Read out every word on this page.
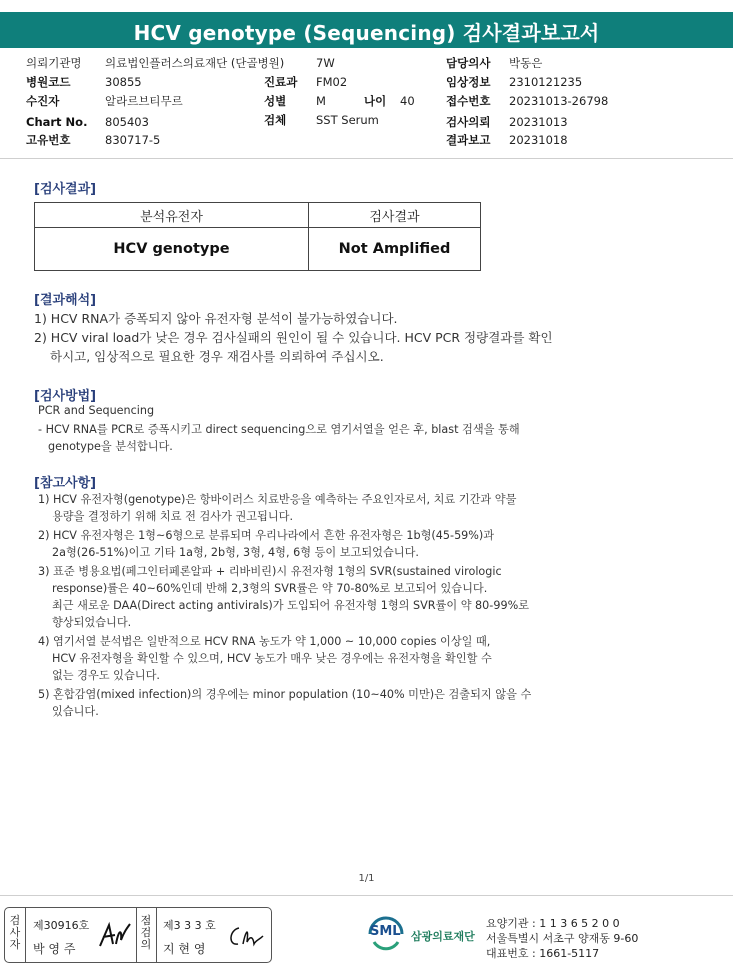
HCV genotype (Sequencing) 검사결과보고서
의뢰기관명 의료법인플러스의료재단 (단골병원)	7W	담당의사 박동은
병원코드	30855	진료과 FM02	임상정보 2310121235
수진자	알라르브티무르	성별	M	나이 40	접수번호 20231013-26798
Chart No. 805403	검체	SST Serum	검사의뢰 20231013
고유번호	830717-5	결과보고 20231018
[검사결과]
분석유전자	검사결과
HCV genotype	Not Amplified
[결과해석]
1) HCV RNA가 증폭되지 않아 유전자형 분석이 불가능하였습니다.
2) HCV viral load가 낮은 경우 검사실패의 원인이 될 수 있습니다. HCV PCR 정량결과를 확인
하시고, 임상적으로 필요한 경우 재검사를 의뢰하여 주십시오.
[검사방법]
PCR and Sequencing
- HCV RNA를 PCR로 증폭시키고 direct sequencing으로 염기서열을 얻은 후, blast 검색을 통해
genotype을 분석합니다.
[참고사항]
1) HCV 유전자형(genotype)은 항바이러스 치료반응을 예측하는 주요인자로서, 치료 기간과 약물
용량을 결정하기 위해 치료 전 검사가 권고됩니다.
2) HCV 유전자형은 1형~6형으로 분류되며 우리나라에서 흔한 유전자형은 1b형(45-59%)과
2a형(26-51%)이고 기타 1a형, 2b형, 3형, 4형, 6형 등이 보고되었습니다.
3) 표준 병용요법(페그인터페론알파 + 리바비린)시 유전자형 1형의 SVR(sustained virologic
response)률은 40~60%인데 반해 2,3형의 SVR률은 약 70-80%로 보고되어 있습니다.
최근 새로운 DAA(Direct acting antivirals)가 도입되어 유전자형 1형의 SVR률이 약 80-99%로
향상되었습니다.
4) 염기서열 분석법은 일반적으로 HCV RNA 농도가 약 1,000 ~ 10,000 copies 이상일 때,
HCV 유전자형을 확인할 수 있으며, HCV 농도가 매우 낮은 경우에는 유전자형을 확인할 수
없는 경우도 있습니다.
5) 혼합감염(mixed infection)의 경우에는 minor population (10~40% 미만)은 검출되지 않을 수
있습니다.
1/1
검사자
제30916호
박 영 주
점검의
제3 3 3 호
지 현 영
SML 삼광의료재단
요양기관 : 1 1 3 6 5 2 0 0
서울특별시 서초구 양재동 9-60
대표번호 : 1661-5117
